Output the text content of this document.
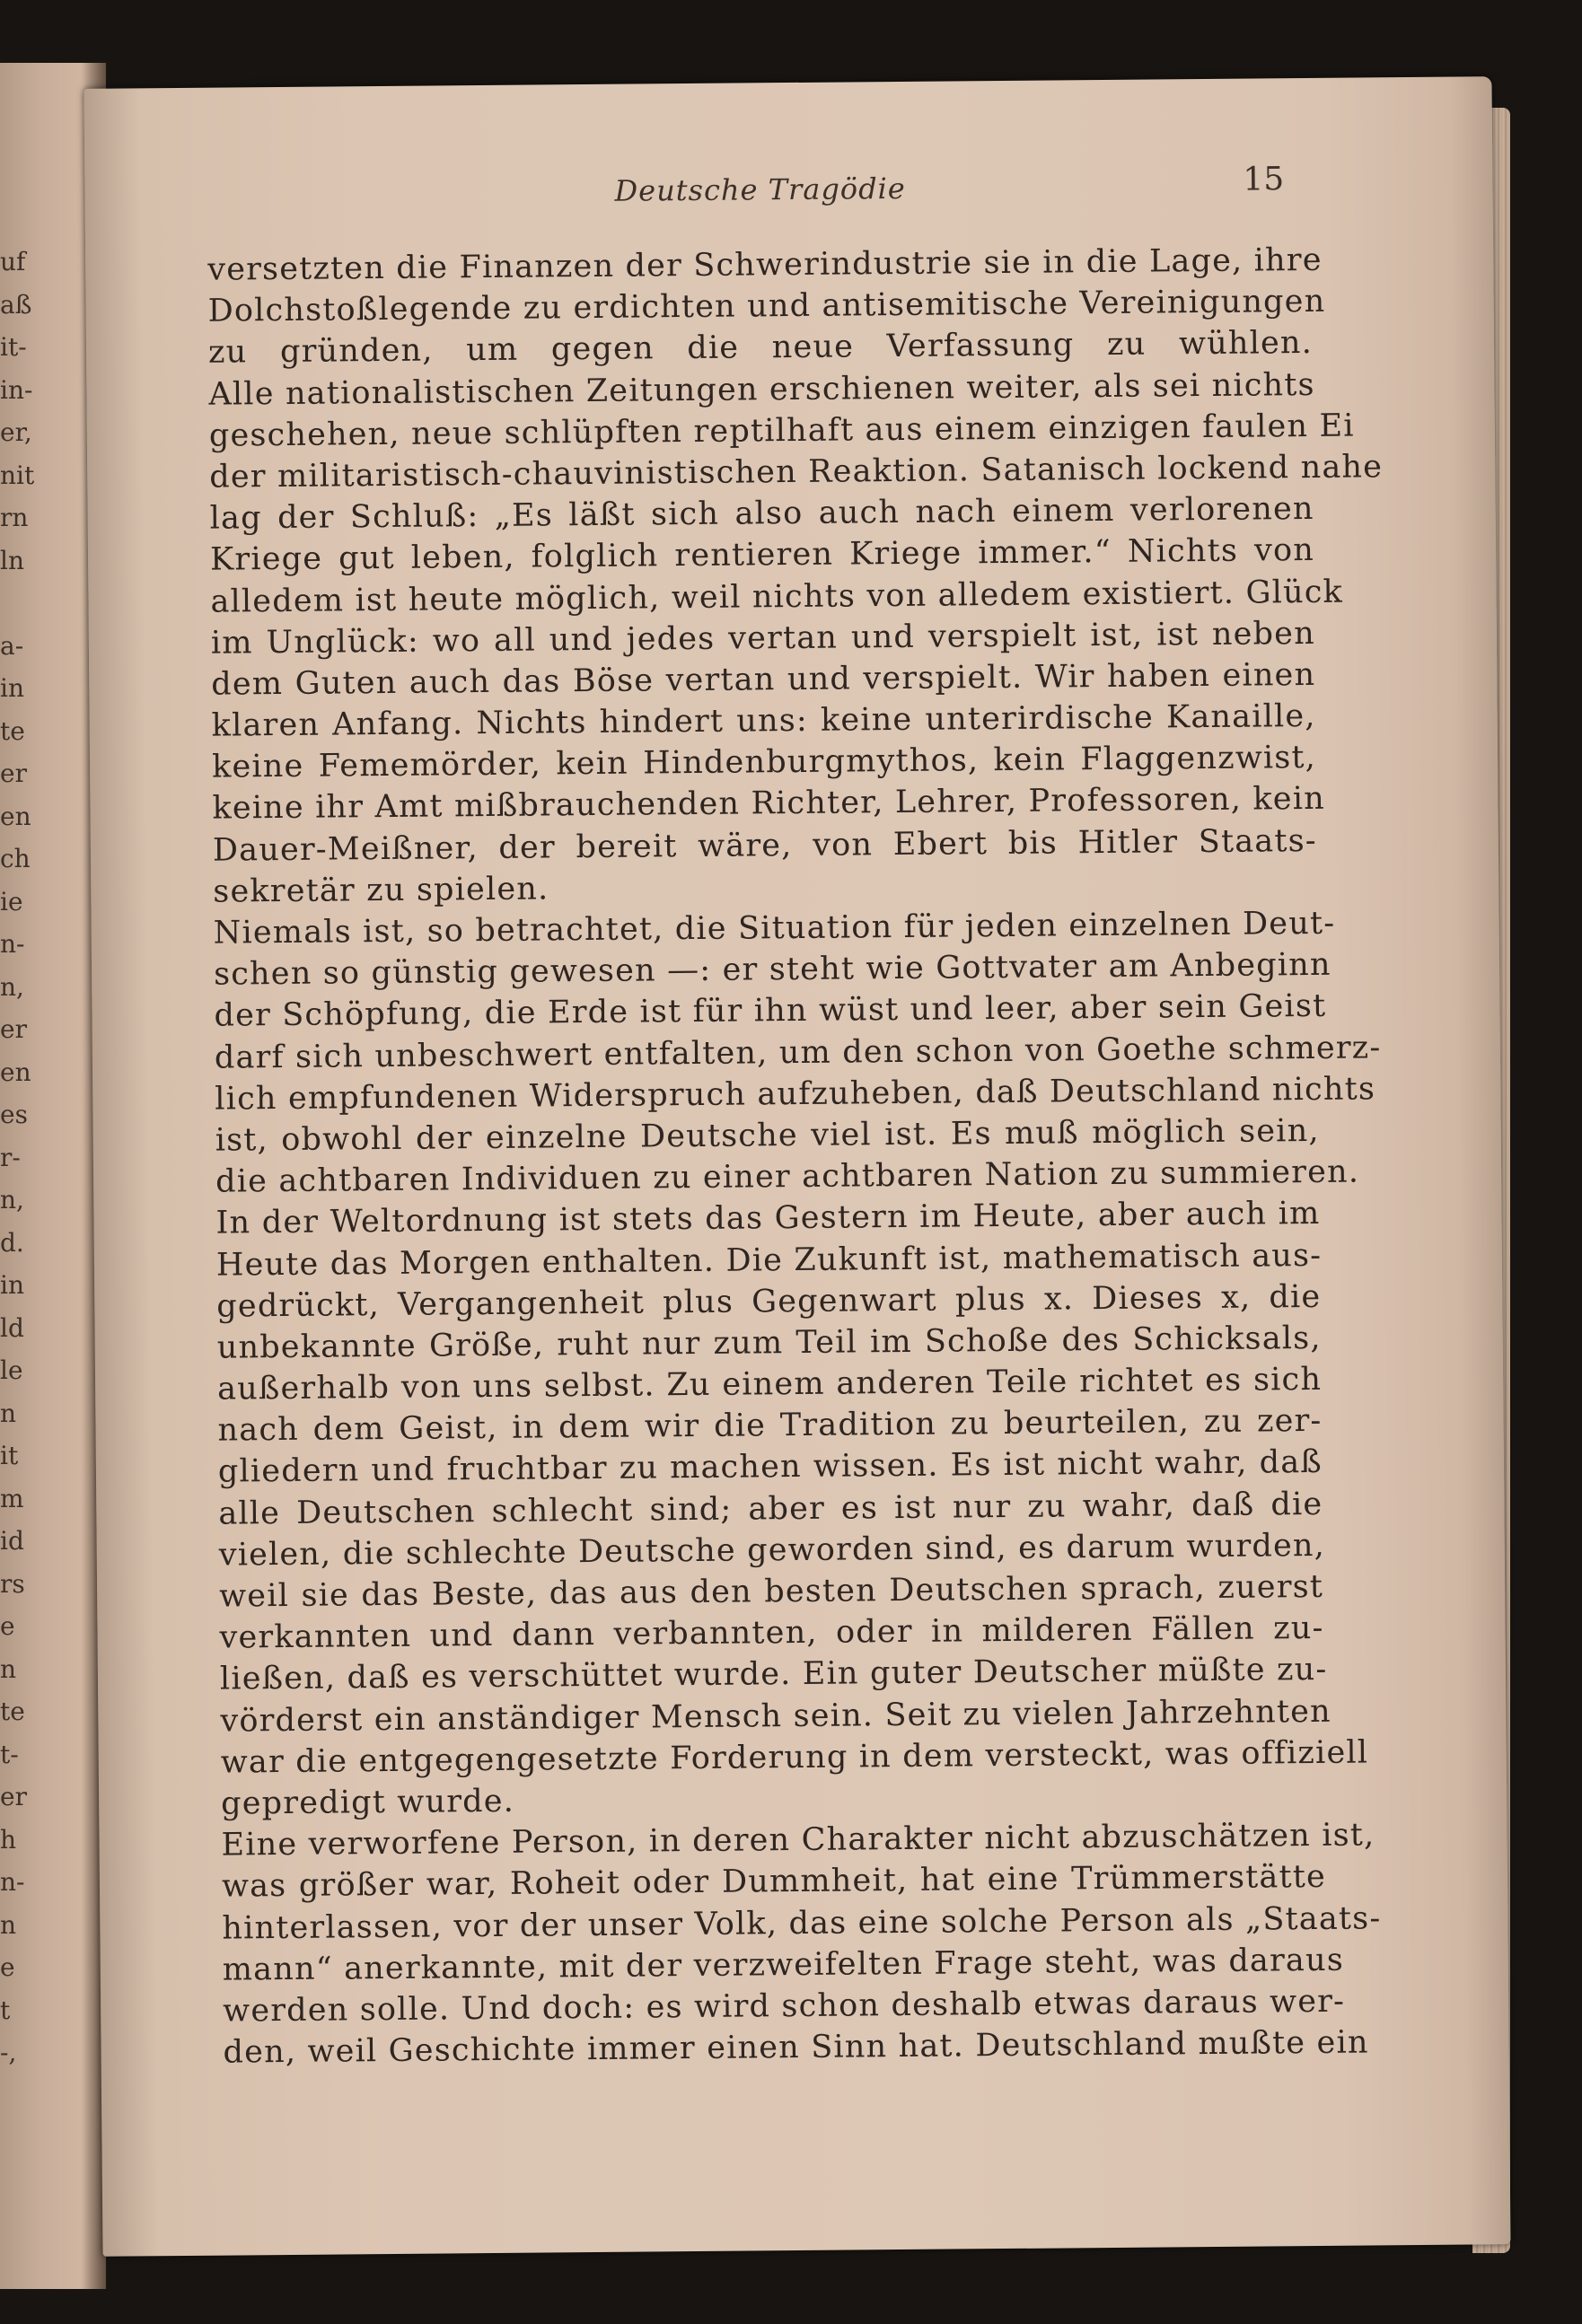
uf
aß
it-
in-
er,
nit
rn
ln
a-
in
te
er
en
ch
ie
n-
n,
er
en
es
r-
n,
d.
in
ld
le
n
it
m
id
rs
e
n
te
t-
er
h
n-
n
e
t
-,
Deutsche Tragödie	15
versetzten die Finanzen der Schwerindustrie sie in die Lage, ihre
Dolchstoßlegende zu erdichten und antisemitische Vereinigungen
zu gründen, um gegen die neue Verfassung zu wühlen.
Alle nationalistischen Zeitungen erschienen weiter, als sei nichts
geschehen, neue schlüpften reptilhaft aus einem einzigen faulen Ei
der militaristisch-chauvinistischen Reaktion. Satanisch lockend nahe
lag der Schluß: „Es läßt sich also auch nach einem verlorenen
Kriege gut leben, folglich rentieren Kriege immer.“ Nichts von
alledem ist heute möglich, weil nichts von alledem existiert. Glück
im Unglück: wo all und jedes vertan und verspielt ist, ist neben
dem Guten auch das Böse vertan und verspielt. Wir haben einen
klaren Anfang. Nichts hindert uns: keine unterirdische Kanaille,
keine Fememörder, kein Hindenburgmythos, kein Flaggenzwist,
keine ihr Amt mißbrauchenden Richter, Lehrer, Professoren, kein
Dauer-Meißner, der bereit wäre, von Ebert bis Hitler Staats-
sekretär zu spielen.
Niemals ist, so betrachtet, die Situation für jeden einzelnen Deut-
schen so günstig gewesen —: er steht wie Gottvater am Anbeginn
der Schöpfung, die Erde ist für ihn wüst und leer, aber sein Geist
darf sich unbeschwert entfalten, um den schon von Goethe schmerz-
lich empfundenen Widerspruch aufzuheben, daß Deutschland nichts
ist, obwohl der einzelne Deutsche viel ist. Es muß möglich sein,
die achtbaren Individuen zu einer achtbaren Nation zu summieren.
In der Weltordnung ist stets das Gestern im Heute, aber auch im
Heute das Morgen enthalten. Die Zukunft ist, mathematisch aus-
gedrückt, Vergangenheit plus Gegenwart plus x. Dieses x, die
unbekannte Größe, ruht nur zum Teil im Schoße des Schicksals,
außerhalb von uns selbst. Zu einem anderen Teile richtet es sich
nach dem Geist, in dem wir die Tradition zu beurteilen, zu zer-
gliedern und fruchtbar zu machen wissen. Es ist nicht wahr, daß
alle Deutschen schlecht sind; aber es ist nur zu wahr, daß die
vielen, die schlechte Deutsche geworden sind, es darum wurden,
weil sie das Beste, das aus den besten Deutschen sprach, zuerst
verkannten und dann verbannten, oder in milderen Fällen zu-
ließen, daß es verschüttet wurde. Ein guter Deutscher müßte zu-
vörderst ein anständiger Mensch sein. Seit zu vielen Jahrzehnten
war die entgegengesetzte Forderung in dem versteckt, was offiziell
gepredigt wurde.
Eine verworfene Person, in deren Charakter nicht abzuschätzen ist,
was größer war, Roheit oder Dummheit, hat eine Trümmerstätte
hinterlassen, vor der unser Volk, das eine solche Person als „Staats-
mann“ anerkannte, mit der verzweifelten Frage steht, was daraus
werden solle. Und doch: es wird schon deshalb etwas daraus wer-
den, weil Geschichte immer einen Sinn hat. Deutschland mußte ein
